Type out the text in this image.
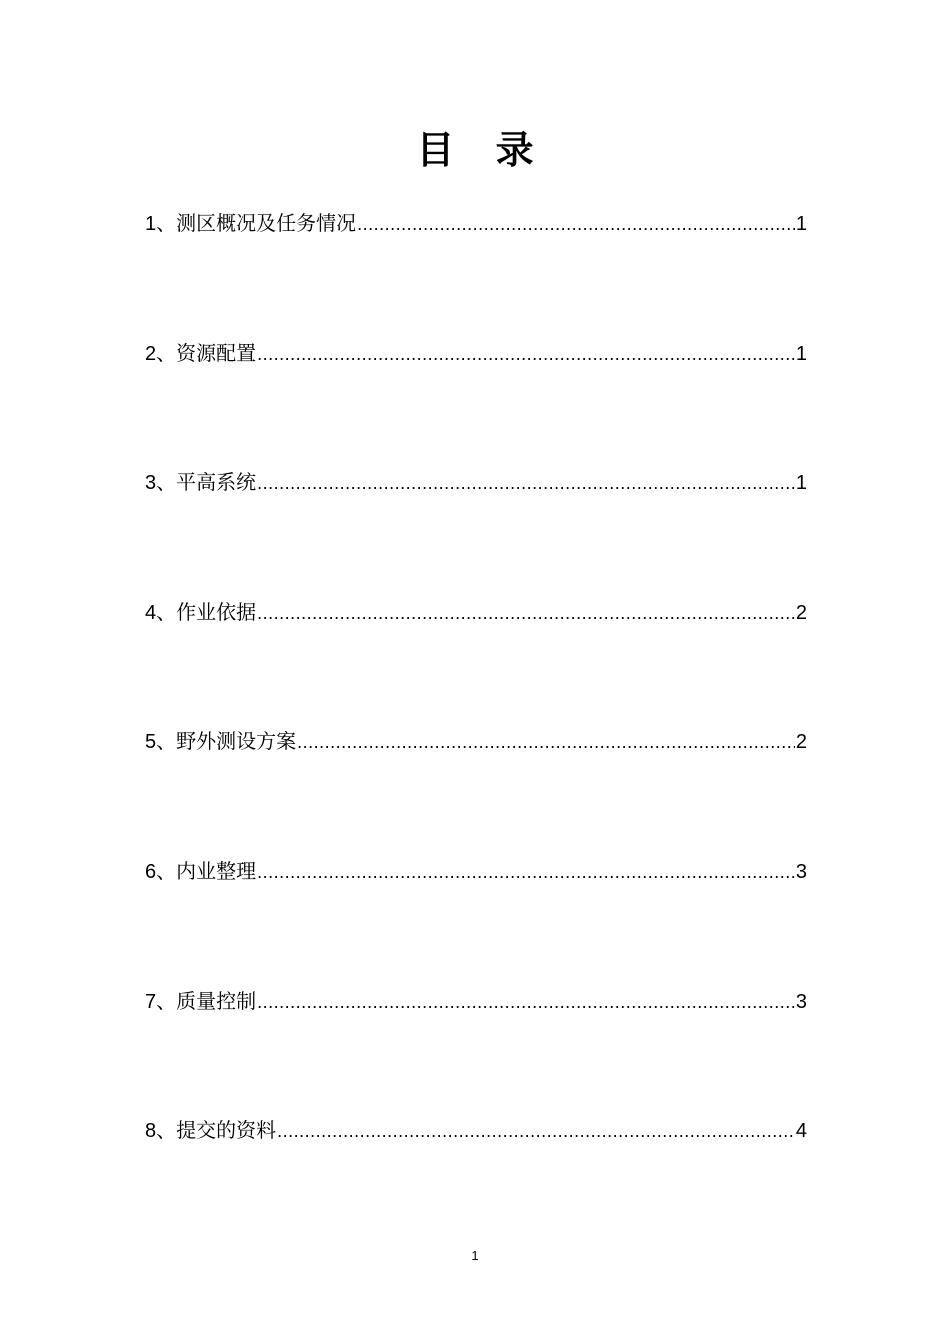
目 录
1 、 测区概况及任务情况 .....	1
2 、 资源配置 .....	1
3 、 平高系统 .....	1
4 、 作业依据 .....	2
5 、 野外测设方案 .....	2
6 、 内业整理 .....	3
7 、 质量控制 .....	3
8 、 提交的资料 .....	4
1
